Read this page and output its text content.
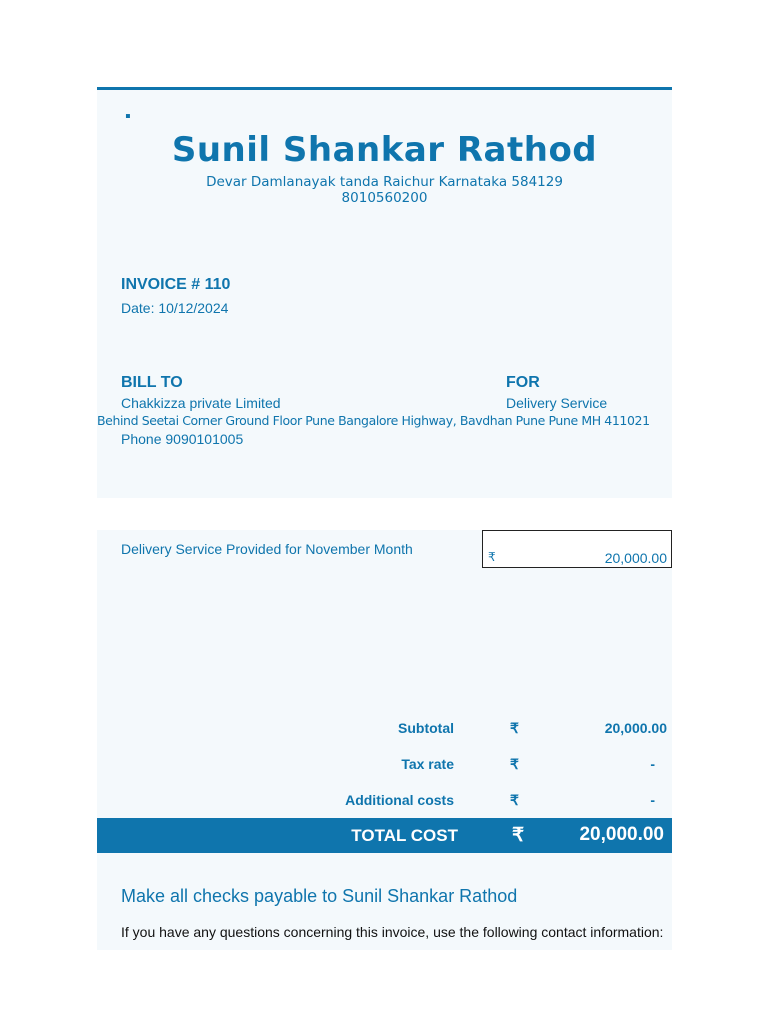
▪
Sunil Shankar Rathod
Devar Damlanayak tanda Raichur Karnataka 584129
8010560200
INVOICE # 110
Date: 10/12/2024
BILL TO	FOR
Chakkizza private Limited	Delivery Service
Behind Seetai Corner Ground Floor Pune Bangalore Highway, Bavdhan Pune Pune MH 411021
Phone 9090101005
Delivery Service Provided for November Month	₹	20,000.00
Subtotal	₹	20,000.00
Tax rate	₹	-
Additional costs	₹	-
TOTAL COST	₹	20,000.00
Make all checks payable to Sunil Shankar Rathod
If you have any questions concerning this invoice, use the following contact information:
